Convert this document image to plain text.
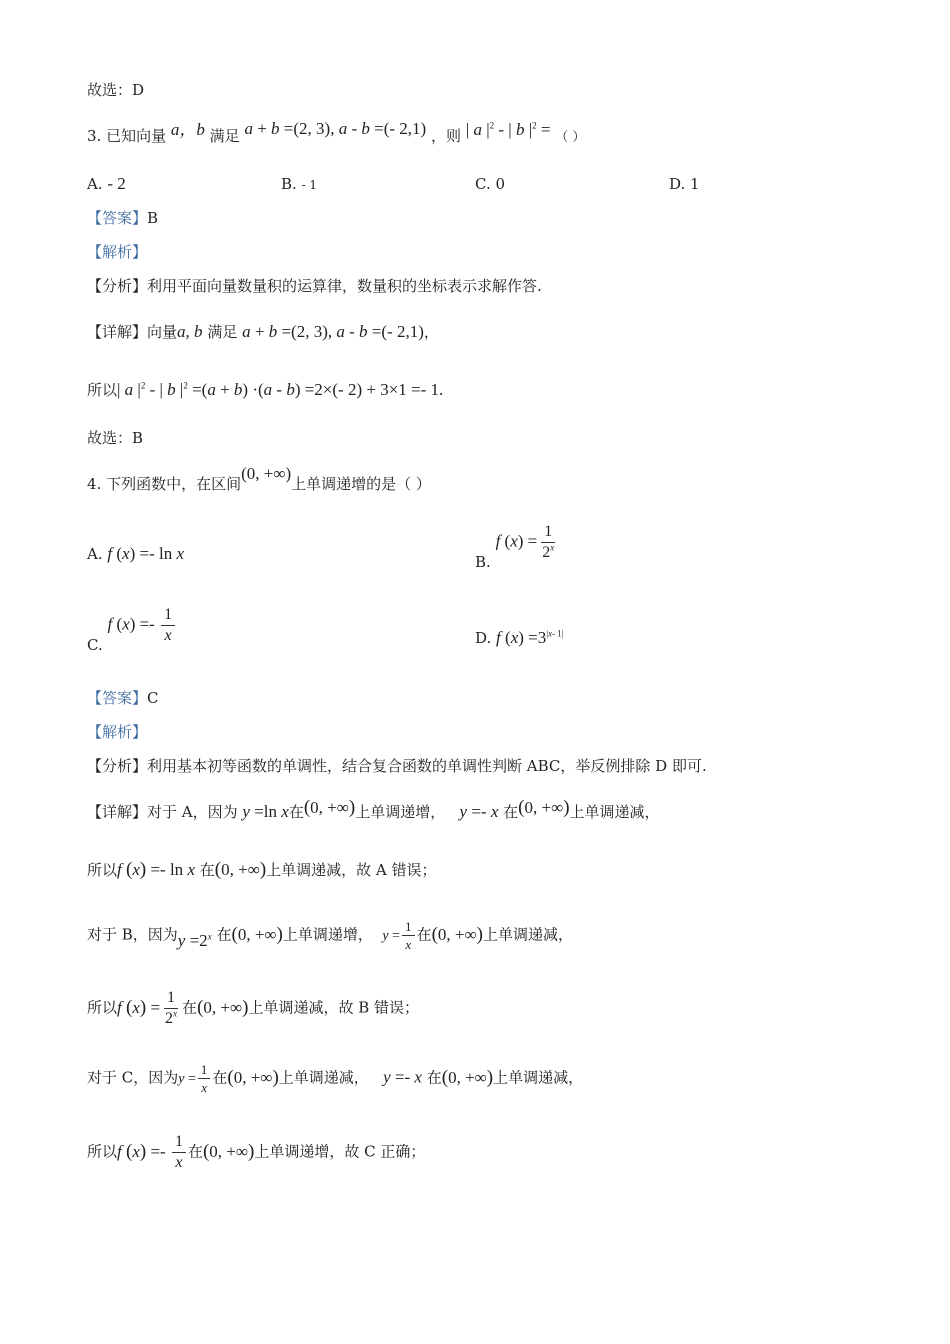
故选：D
3. 已知向量 a，b 满足 a + b =(2, 3), a - b =(- 2,1) ，则 | a $|^2$ - | b $|^2$ = （ ）
A. - 2	B. - 1	C. 0	D. 1
【答案】B
【解析】
【分析】利用平面向量数量积的运算律，数量积的坐标表示求解作答.
【详解】向量a, b 满足 a + b =(2, 3), a - b =(- 2,1)，
所以| a $|^2$ - | b $|^2 =(a + b) \cdot(a - b) =2\times(-$ 2) + 3×1 =- 1.
故选：B
4. 下列函数中，在区间(0, +∞)上单调递增的是（ ）
A. f (x) =- ln x	B. f $(x) = \frac{1}{2^x}$
C. f $(x) =- \frac{1}{x}$	D. f $(x) =3^{|x- 1|}$
【答案】C
【解析】
【分析】利用基本初等函数的单调性，结合复合函数的单调性判断 ABC，举反例排除 D 即可.
【详解】对于 A，因为 y =ln x在(0, +∞)上单调递增， y =- x 在(0, +∞)上单调递减，
所以f (x) =- ln x 在(0, +∞)上单调递减，故 A 错误；
对于 B，因为$y =2^x$ 在(0, +∞)上单调递增， $y = \frac{1}{x}$ 在(0, +∞)上单调递减，
所以f $(x) = \frac{1}{2^x}$ 在(0, +∞)上单调递减，故 B 错误；
对于 C，因为$y = \frac{1}{x}$ 在(0, +∞)上单调递减， y =- x 在(0, +∞)上单调递减，
所以f $(x) =- \frac{1}{x}$ 在(0, +∞)上单调递增，故 C 正确；
